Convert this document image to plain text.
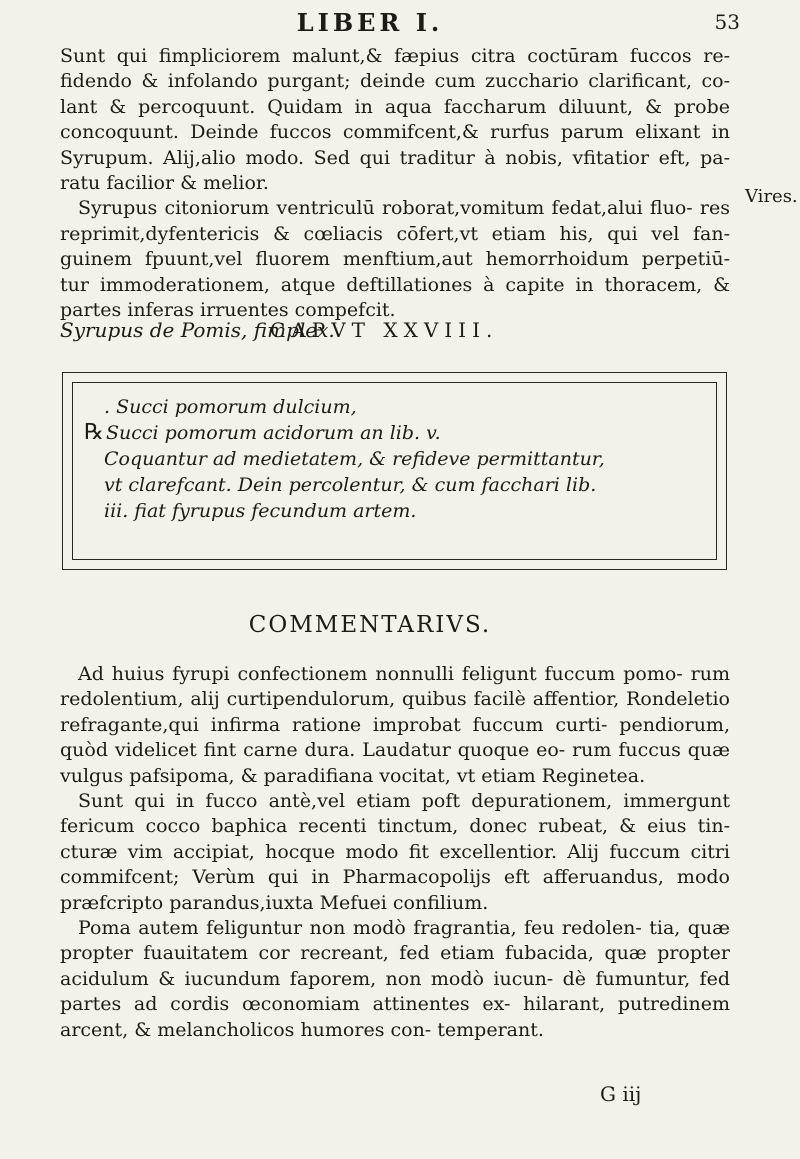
LIBER I.	53

Sunt qui fimpliciorem malunt,& fæpius citra coctūram fuccos re- fidendo & infolando purgant; deinde cum zucchario clarificant, co- lant & percoquunt. Quidam in aqua faccharum diluunt, & probe concoquunt. Deinde fuccos commifcent,& rurfus parum elixant in Syrupum. Alij,alio modo. Sed qui traditur à nobis, vfitatior eft, pa- ratu facilior & melior.

Syrupus citoniorum ventriculū roborat,vomitum fedat,alui fluo- res reprimit,dyfentericis & cœliacis cōfert,vt etiam his, qui vel fan- guinem fpuunt,vel fluorem menftium,aut hemorrhoidum perpetiū- tur immoderationem, atque deftillationes à capite in thoracem, & partes inferas irruentes compefcit.

Vires.
Syrupus de Pomis, fimplex.
CAPVT XXVIII.

. Succi pomorum dulcium,

℞ Succi pomorum acidorum an lib. v.

Coquantur ad medietatem, & refideve permittantur,

vt clarefcant. Dein percolentur, & cum facchari lib.

iii. fiat fyrupus fecundum artem.

COMMENTARIVS.

Ad huius fyrupi confectionem nonnulli feligunt fuccum pomo- rum redolentium, alij curtipendulorum, quibus facilè affentior, Rondeletio refragante,qui infirma ratione improbat fuccum curti- pendiorum, quòd videlicet fint carne dura. Laudatur quoque eo- rum fuccus quæ vulgus pafsipoma, & paradifiana vocitat, vt etiam Reginetea.

Sunt qui in fucco antè,vel etiam poft depurationem, immergunt fericum cocco baphica recenti tinctum, donec rubeat, & eius tin- cturæ vim accipiat, hocque modo fit excellentior. Alij fuccum citri commifcent; Verùm qui in Pharmacopolijs eft afferuandus, modo præfcripto parandus,iuxta Mefuei confilium.

Poma autem feliguntur non modò fragrantia, feu redolen- tia, quæ propter fuauitatem cor recreant, fed etiam fubacida, quæ propter acidulum & iucundum faporem, non modò iucun- dè fumuntur, fed partes ad cordis œconomiam attinentes ex- hilarant, putredinem arcent, & melancholicos humores con- temperant.

G iij
